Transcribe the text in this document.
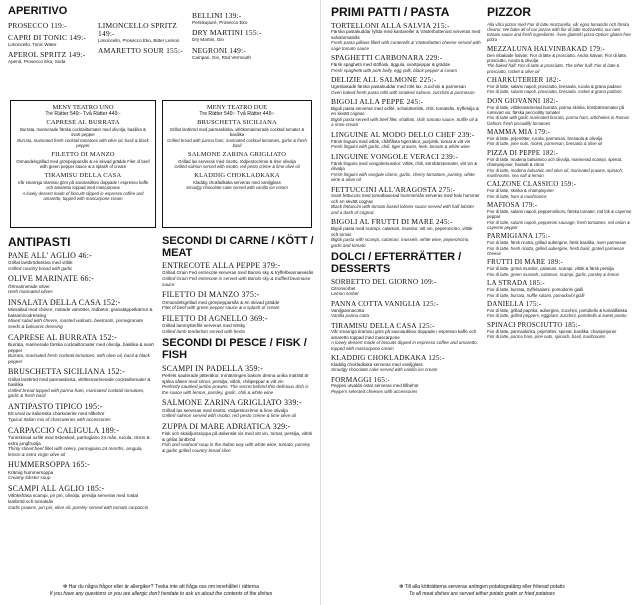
APERITIVO
PROSECCO 119:-
CAPRI DI TONIC 149:-
Limoncello, Tonic Water
APEROL SPRITZ 149:-
Aperol, Prosecco Eko, Soda
LIMONCELLO SPRITZ 149:-
Limoncello, Prosecco Eko, Bitter Lemon
AMARETTO SOUR 155:-
BELLINI 139:-
Persikopuré, Prosecco Eko
DRY MARTINI 155:-
Dry Martini, Gin
NEGRONI 149:-
Campari, Gin, Röd Vermouth
MENY TEATRO UNO
Tre Rätter 549:- Två Rätter 449:-
CAPRESE AL BURRATA
Burrata, marinerade färska cocktailtomater med olivolja, basilika & svart pepper
Burrata, marinated fresh cocktail tomatoes with olive oil, basil & black pepper
FILETTO DI MANZO
Ormandelsgrillad med grönpepparsås & en skivad grädde Filet of beef with green pepper sauce & a splash of cream
TIRAMISU DELLA CASA
Vår smarriga tiramisu görs på savoiardikex doppade i espresso kaffe och amaretto toppad med mascarpone
A lovely dessert made of biscuits dipped in espresso coffee and amaretto, topped with mascarpone cream
MENY TEATRO DUE
Tre Rätter 549:- Två Rätter 449:-
BRUSCHETTA SICILIANA
Grillat lantbröd med parmaskinka, vitlöksmarinerade cocktail tomater & basilika
Grilled bread with parma ham, marinated cocktail tomatoes, garlic & fresh basil
SALMONE ZARINA GRIGLIATO
Grillad lax serveras med risotto, rödpestocrème & lime olivolja
Grilled salmon served with risotto, red pesto crème & lime olive oil
KLADDIG CHOKLADKAKA
Kladdig chokladkaka serveras med vaniljglass
Smudgy chocolate cake served with vanilla ice cream
ANTIPASTI
PANE ALL' AGLIO 46:-
Grillat lantbrödsskiva med vitlök
Grilled country bread with garlic
OLIVE MARINATE 66:-
Örtmarinerade oliver
Herb marinated olives
INSALATA DELLA CASA 152:-
Mixsallad med chèvre, rostade valnötter, rödbetor, granatäppelkärnor & balsamicodressing
Mixed salad with chevre, roasted walnuts, beetroots, pomegranate seeds & balsamic dressing
CAPRESE AL BURRATA 152:-
Burrata, marinerade färska cocktailtomater med olivolja, basilika & svart pepper
Burrata, marinated fresh cocktail tomatoes, with olive oil, basil & black pepper
BRUSCHETTA SICILIANA 152:-
Grillat lantbröd med parmaskinka, vitlöksmarinerade cocktailtomater & basilika
Grilled bread topped with parma ham, marinated cocktail tomatoes, garlic & fresh basil
ANTIPASTO TIPICO 195:-
Ett urval av italienska charkuterier med tillbehör
Typical Italian mix of charcuteries with accessories
CARPACCIO CALIGULA 189:-
Tunnskivad oxfilé med ösbesked, parmigiano 24 mån, rucola, citron & extra jungfruolja
Thinly sliced beef fillet with celery, parmigiano 24 months, arugula, lemon & extra virgin olive oil
HUMMERSOPPA 165:-
Krämig hummersoppa
Creamy lobster soup
SCAMPI ALL AGLIO 185:-
Vitlöksfräsa scampi, pir piri, olivolja, persilja serveras med rostat lantbröd och tomatsås
Garlic prawns, piri piri, olive oil, parsley served with tomato carpaccio
SECONDI DI CARNE / KÖTT / MEAT
ENTRECOTE ALLA PEPPE 379:-
Grillad Grain Fed entrecote serveras med Barolo sky & tryffelbearnaisesås
Grilled Grain Fed entrecote is served with Barolo sky & truffled bearnaise sauce
FILETTO DI MANZO 375:-
Ormandelsgrillad med grönpepparsås & en skivad grädde
Filet of beef with green pepper sauce & a splash of cream
FILETTO DI AGNELLO 369:-
Grillad lammytterfilé serveras med örtsky
Grilled lamb tenderloin served with herbs
SECONDI DI PESCE / FISK / FISH
SCAMPI IN PADELLA 359:-
Perfekt sauterade jätteräkor. Inmätningen bakom denna unika maträtt är själva såsen med citron, persilja, vitlök, chilipeppar & vitt vin
Perfectly sautéed jumbo prawns. The secret behind this delicious dish is the sauce with lemon, parsley, garlic, chili & white wine
SALMONE ZARINA GRIGLIATO 339:-
Grillad lax serveras med risotto, rödpestocrème & lime olivolja
Grilled salmon served with risotto, red pesto crème & lime olive oil
ZUPPA DI MARE ADRIATICA 329:-
Fisk och skaldjurssoppa på italienskt vis med vitt vin, tomat, persilja, vitlök & grillat lantbröd
Fish and seafood soup in the Italian way with white wine, tomato, parsley & garlic grilled country bread slice
❇ Har du några frågor eller är allergiker? Tveka inte att fråga oss om innehållet i rätterna
If you have any questions or you are allergic don't hesitate to ask us about the contents of the dishes
PRIMI PATTI / PASTA
TORTELLONI ALLA SALVIA 215:-
Färska pastakuddar fyllda med kantareller & Västerbottenost serveras med salvatomatsås
Fresh pasta pillows filled with canterells & Västerbotten cheese served with sage tomato sauce
SPAGHETTI CARBONARA 229:-
Färsk spaghetti med stöflask, äggula, svartpeppar & grädde
Fresh spaghetti with pork belly, egg yolk, black pepper & cream
DELIZIE ALL SALMONE 225:-
Ugnsbakade färska pastakuddar med rökt lax, zucchini & parmesan
Oven baked fresh pasta rolls with smoked salmon, zucchini & parmesan
BIGOLI ALLA PEPPE 245:-
Bigoli pasta serveras med oxfilé, schalottenlök, chili, tomatsås, tryffelolja & en skvätt cognac
Bigoli pasta served with beef filet, shallots, chili, tomato sauce, truffle oil & a rinse cream
LINGUINE AL MODO DELLO CHEF 239:-
Färsk linguini med vitlök, chiliflåsta tigerräkor, purjolök, tomat & vitt vin
Fresh linguini with garlic, chili, tiger prawns, leek, tomato & white wine
LINGUINE VONGOLE VERACI 239:-
Färsk linguini med vongolemusslor, vitlök, chili, körsbärstomater, vitt vin & olivolja
Fresh linguini with vongole clams, garlic, cherry tomatoes, parsley, white wine & olive oil
FETTUCCINI ALL'ARAGOSTA 275:-
Svart fettuccini med tomatbaserad hummersås serveras med halv hummer och en skvätt cognac
Black fettuccini with tomato based lobster sauce served with half lobster and a dash of cognac
BIGOLI AL FRUTTI DI MARE 245:-
Bigoli pasta med scampi, calamari, musslor, vitt vin, peperoncino, vitlök och tomat
Bigoli pasta with scampi, calamari, mussels, white wine, peperoncino, garlic and tomato
DOLCI / EFTERRÄTTER / DESSERTS
SORBETTO DEL GIORNO 109:-
Citronsorbet
Lemon sorbet
PANNA COTTA VANIGLIA 125:-
Vaniljpannacotta
Vanilla panna cotta
TIRAMISU DELLA CASA 125:-
Vår smarriga tiramisu görs på savoiardikex doppade i espresso kaffe och amaretto toppad med mascarpone
A lovely dessert made of biscuits dipped in espresso coffee and amaretto, topped with mascarpone cream
KLADDIG CHOKLADKAKA 125:-
Kladdig chokladkaka serveras med vaniljglass
Smudgy chocolate cake served with vanilla ice cream
FORMAGGI 165:-
Peppes utvalda ostar serveras med tillbehör
Peppe's selected cheeses with accessories
PIZZOR
Alla våra pizzor med Fior di latte mozzarella, vår egna tomatsås och färska råvaror. We bake all of our pizzas with fior di latte mozzarella, our own tomato sauce and fresh ingredients. Även glutenfri pizza Option: gluten-free pizza
MEZZALUNA HALVINBAKAD 179:-
Den inbakade halvan: Fior di latte & prosciutto. Andra halvan: Fior di latte, prosciutto, rucola & olivolja
The baked half: Fior di latte & prosciutto. The other half: Fior di latte & prosciutto, rocket & olive oil
CHARKUTERIER 182:-
Fior di latte, salami napoli, prosciutto, bresaola, rucola & grana padano
Fior di latte, salami napoli, prosciutto, bresaola, rocket & grana padano
DON GIOVANNI 182:-
Fior di latte, vitlöksmarinerad burrata, parma skinka, körsbärstomater på rumsvart vis, färska pecciolitty tomater
Fior di latte with garlic marinated burrata, parma ham, artichokes in Roman fashion, fresh piccadilly tomatoes
MAMMA MIA 179:-
Fior di latte, prijenötter, rucola, parmesan, bresaola & olivolja
Fior di latte, pine nuts, rocket, parmesan, bresaola & olive oil
PIZZA DI PEPPE 182:-
Fior di latte, modena balsamico och olivolja, marinerad scampi, spenat, champinjoner, haxsalt & citron
Fior di latte, modena balsamic and olive oil, marinated prawns, spinach, mushrooms, sea salt & lemon
CALZONE CLASSICO 159:-
Fior di latte, skinka & champinjoner
Fior di latte, ham & mushrooms
MAFIOSA 179:-
Fior di latte, salami napoli, pepperonikorv, färska tomater, röd lök & cayenne peppar
Fior di latte, salami napoli, pepperoni sausage, fresh tomatoes, red onion & cayenne pepper
PARMIGIANA 175:-
Fior di latte, färsk ricotta, grillad aubergine, färsk basilika, riven parmesan
Fior di latte, fresh ricotta, grilled aubergine, fresh basil, grated parmesan cheese
FRUTTI DI MARE 189:-
Fior di latte, gröna musslor, calamari, scampi, vitlök & färsk persilja
Fior di latte, green mussels, calamari, scampi, garlic, parsley & lemon
LA STRADA 185:-
Fior di latte, burrata, tryffelsalami, pomodorini gialli
Fior di latte, burrata, truffle salami, pomodorini gialli
DANIELLA 175:-
Fior di latte, grillad paprika, aubergine, zucchini, portobello & korialdfalska
Fior di latte, grilled peppers, eggplant, zucchini, portobello & sweet potato
SPINACI PROSCIUTTO 185:-
Fior di latte, parmaskinka, prijenötter, spenat, basilika, champinjoner
Fior di latte, parma ham, pine nuts, spinach, basil, mushrooms
❇ Till alla kötträtterna serveras antingen potatisgratäng eller friterad potatis
To all meat dishes are served either potato gratin or fried potatoes
